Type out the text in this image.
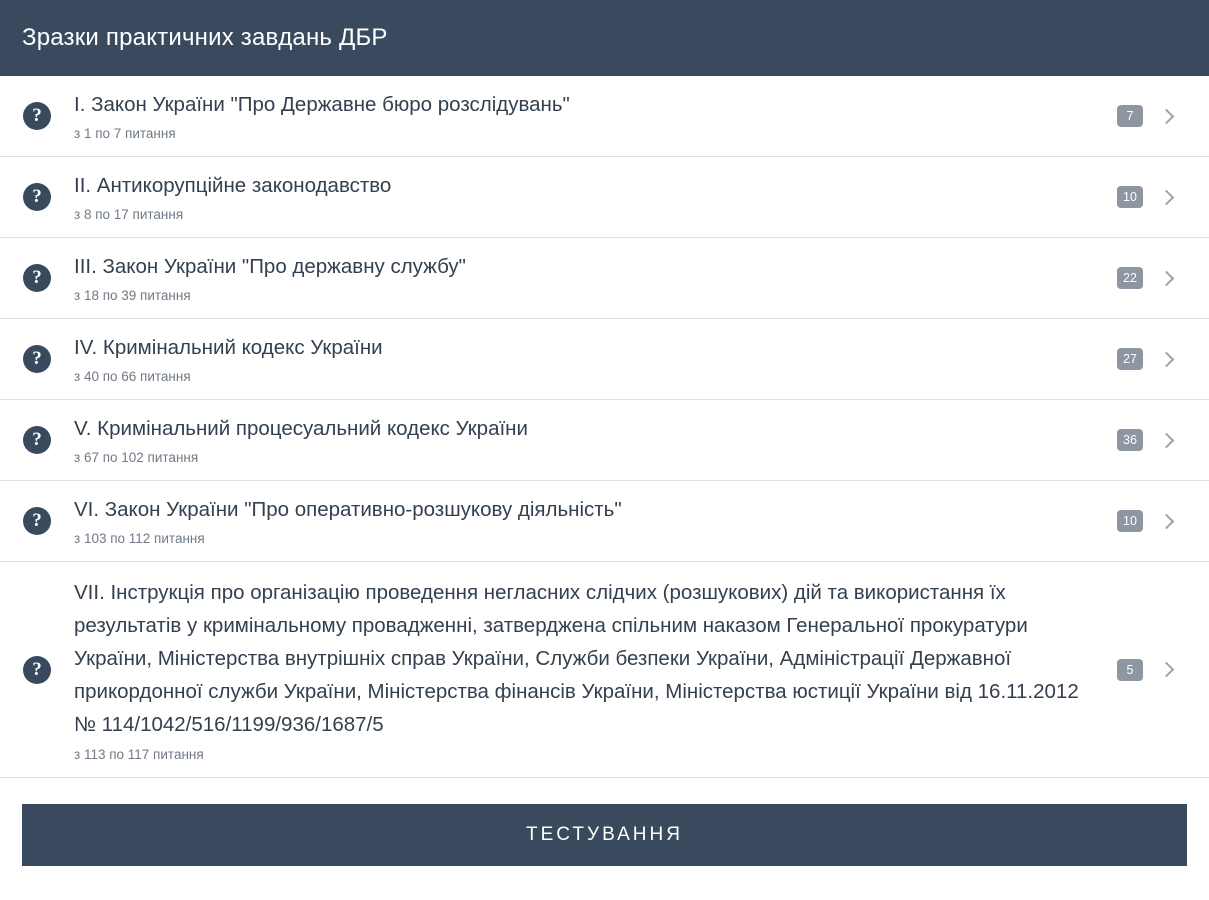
Зразки практичних завдань ДБР
?	I. Закон України "Про Державне бюро розслідувань"
з 1 по 7 питання
7
?	II. Антикорупційне законодавство
з 8 по 17 питання
10
?	III. Закон України "Про державну службу"
з 18 по 39 питання
22
?	IV. Кримінальний кодекс України
з 40 по 66 питання
27
?	V. Кримінальний процесуальний кодекс України
з 67 по 102 питання
36
?	VI. Закон України "Про оперативно-розшукову діяльність"
з 103 по 112 питання
10
?
VII. Інструкція про організацію проведення негласних слідчих (розшукових) дій та використання їх результатів у кримінальному провадженні, затверджена спільним наказом Генеральної прокуратури України, Міністерства внутрішніх справ України, Служби безпеки України, Адміністрації Державної прикордонної служби України, Міністерства фінансів України, Міністерства юстиції України від 16.11.2012 № 114/1042/516/1199/936/1687/5
з 113 по 117 питання
5
ТЕСТУВАННЯ
